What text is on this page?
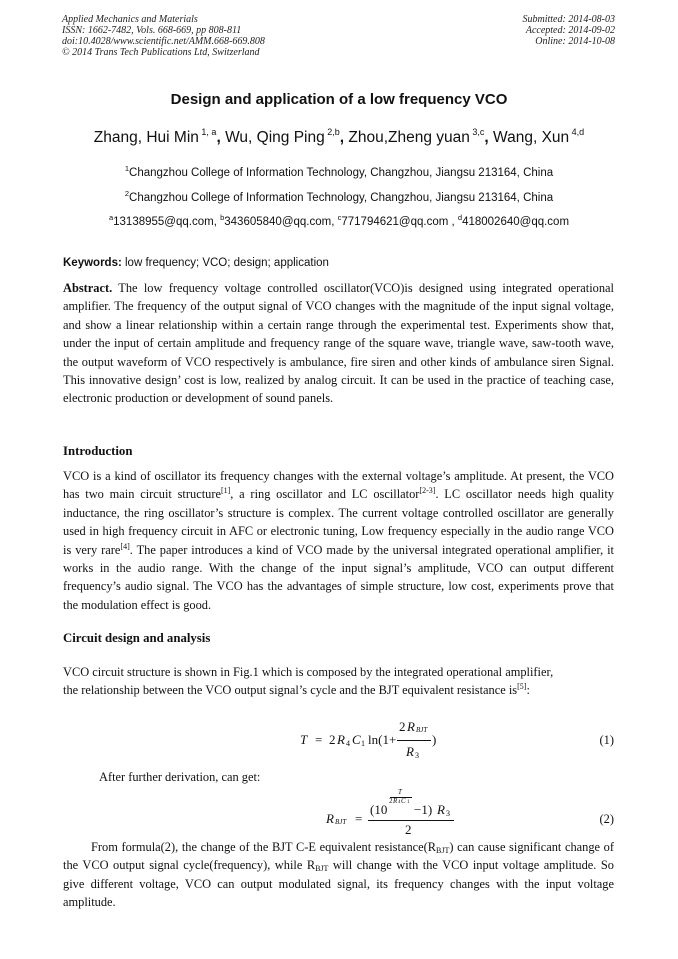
Applied Mechanics and Materials
ISSN: 1662-7482, Vols. 668-669, pp 808-811
doi:10.4028/www.scientific.net/AMM.668-669.808
© 2014 Trans Tech Publications Ltd, Switzerland
Submitted: 2014-08-03
Accepted: 2014-09-02
Online: 2014-10-08
Design and application of a low frequency VCO
Zhang, Hui Min $^{1, a}$, Wu, Qing Ping $^{2,b}$, Zhou,Zheng yuan $^{3,c}$, Wang, Xun $^{4,d}$
$^1$Changzhou College of Information Technology, Changzhou, Jiangsu 213164, China
$^2$Changzhou College of Information Technology, Changzhou, Jiangsu 213164, China
$^a$13138955@qq.com, $^b$343605840@qq.com, $^c$771794621@qq.com , $^d$418002640@qq.com
Keywords: low frequency; VCO; design; application
Abstract. The low frequency voltage controlled oscillator(VCO)is designed using integrated operational amplifier. The frequency of the output signal of VCO changes with the magnitude of the input signal voltage, and show a linear relationship within a certain range through the experimental test. Experiments show that, under the input of certain amplitude and frequency range of the square wave, triangle wave, saw-tooth wave, the output waveform of VCO respectively is ambulance, fire siren and other kinds of ambulance siren Signal. This innovative design’ cost is low, realized by analog circuit. It can be used in the practice of teaching case, electronic production or development of sound panels.
Introduction
VCO is a kind of oscillator its frequency changes with the external voltage’s amplitude. At present, the VCO has two main circuit structure[1], a ring oscillator and LC oscillator[2-3]. LC oscillator needs high quality inductance, the ring oscillator’s structure is complex. The current voltage controlled oscillator are generally used in high frequency circuit in AFC or electronic tuning, Low frequency especially in the audio range VCO is very rare[4]. The paper introduces a kind of VCO made by the universal integrated operational amplifier, it works in the audio range. With the change of the input signal’s amplitude, VCO can output different frequency’s audio signal. The VCO has the advantages of simple structure, low cost, experiments prove that the modulation effect is good.
Circuit design and analysis
VCO circuit structure is shown in Fig.1 which is composed by the integrated operational amplifier,
the relationship between the VCO output signal’s cycle and the BJT equivalent resistance is[5]:
T = 2 R 4 C 1 ln(1+
2 R BJT
R 3
)	(1)
After further derivation, can get:
R BJT =
(10
T
2 R 4 C 1 −1) R 3
2
(2)
From formula(2), the change of the BJT C-E equivalent $resistance(R_{BJT})$ can cause significant change of the VCO output signal cycle(frequency), while $R_{BJT}$ will change with the VCO input voltage amplitude. So give different voltage, VCO can output modulated signal, its frequency changes with the input voltage amplitude.
